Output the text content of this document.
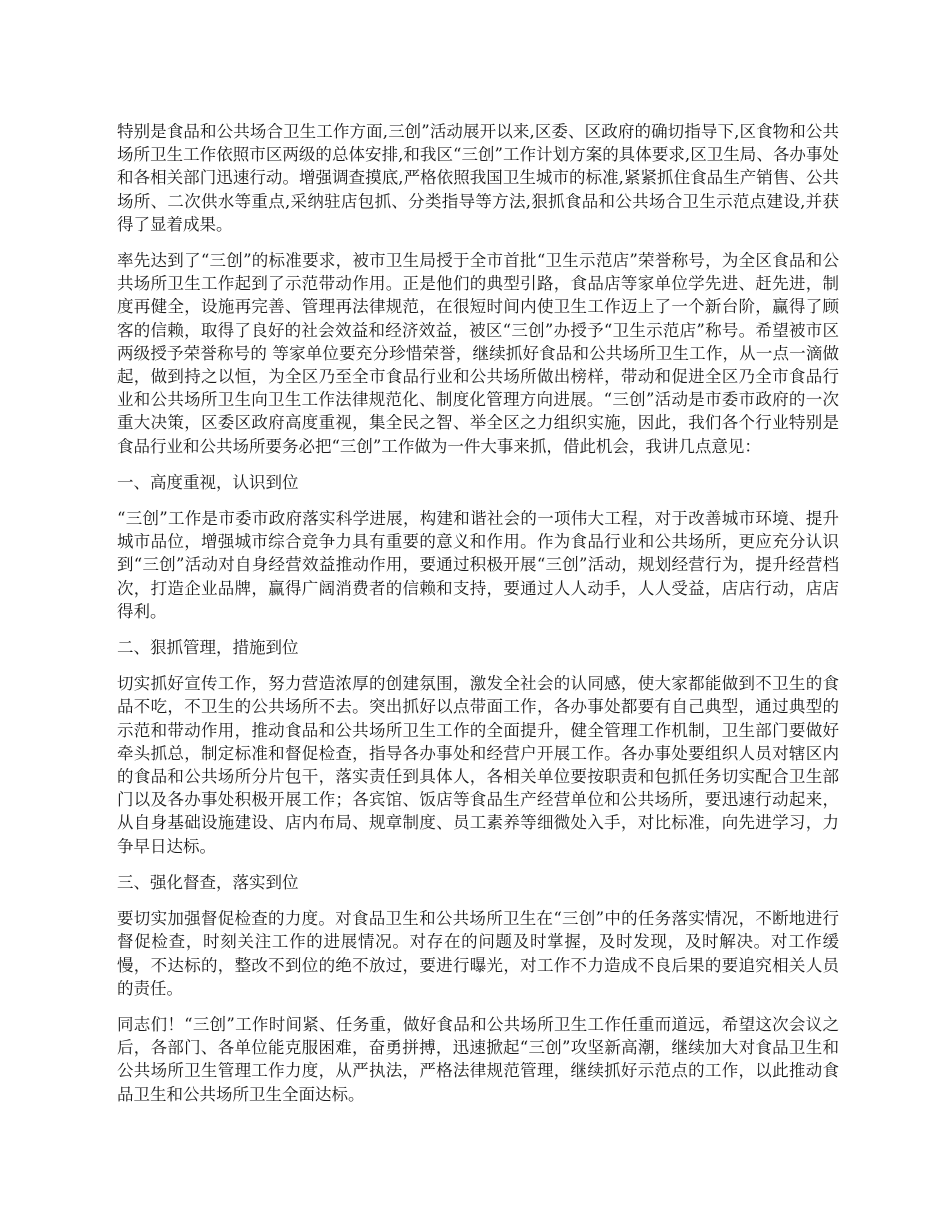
特别是食品和公共场合卫生工作方面,三创”活动展开以来,区委、区政府的确切指导下,区食物和公共场所卫生工作依照市区两级的总体安排,和我区“三创”工作计划方案的具体要求,区卫生局、各办事处和各相关部门迅速行动。增强调查摸底,严格依照我国卫生城市的标准,紧紧抓住食品生产销售、公共场所、二次供水等重点,采纳驻店包抓、分类指导等方法,狠抓食品和公共场合卫生示范点建设,并获得了显着成果。

率先达到了“三创”的标准要求，被市卫生局授于全市首批“卫生示范店”荣誉称号，为全区食品和公共场所卫生工作起到了示范带动作用。正是他们的典型引路，食品店等家单位学先进、赶先进，制度再健全，设施再完善、管理再法律规范，在很短时间内使卫生工作迈上了一个新台阶，赢得了顾客的信赖，取得了良好的社会效益和经济效益，被区“三创”办授予“卫生示范店”称号。希望被市区两级授予荣誉称号的 等家单位要充分珍惜荣誉，继续抓好食品和公共场所卫生工作，从一点一滴做起，做到持之以恒，为全区乃至全市食品行业和公共场所做出榜样，带动和促进全区乃全市食品行业和公共场所卫生向卫生工作法律规范化、制度化管理方向进展。“三创”活动是市委市政府的一次重大决策，区委区政府高度重视，集全民之智、举全区之力组织实施，因此，我们各个行业特别是食品行业和公共场所要务必把“三创”工作做为一件大事来抓，借此机会，我讲几点意见：

一、高度重视，认识到位

“三创”工作是市委市政府落实科学进展，构建和谐社会的一项伟大工程，对于改善城市环境、提升城市品位，增强城市综合竞争力具有重要的意义和作用。作为食品行业和公共场所，更应充分认识到“三创”活动对自身经营效益推动作用，要通过积极开展“三创”活动，规划经营行为，提升经营档次，打造企业品牌，赢得广阔消费者的信赖和支持，要通过人人动手，人人受益，店店行动，店店得利。

二、狠抓管理，措施到位

切实抓好宣传工作，努力营造浓厚的创建氛围，激发全社会的认同感，使大家都能做到不卫生的食品不吃，不卫生的公共场所不去。突出抓好以点带面工作，各办事处都要有自己典型，通过典型的示范和带动作用，推动食品和公共场所卫生工作的全面提升，健全管理工作机制，卫生部门要做好牵头抓总，制定标准和督促检查，指导各办事处和经营户开展工作。各办事处要组织人员对辖区内的食品和公共场所分片包干，落实责任到具体人，各相关单位要按职责和包抓任务切实配合卫生部门以及各办事处积极开展工作；各宾馆、饭店等食品生产经营单位和公共场所，要迅速行动起来，从自身基础设施建设、店内布局、规章制度、员工素养等细微处入手，对比标准，向先进学习，力争早日达标。

三、强化督查，落实到位

要切实加强督促检查的力度。对食品卫生和公共场所卫生在“三创”中的任务落实情况，不断地进行督促检查，时刻关注工作的进展情况。对存在的问题及时掌握，及时发现，及时解决。对工作缓慢，不达标的，整改不到位的绝不放过，要进行曝光，对工作不力造成不良后果的要追究相关人员的责任。

同志们！“三创”工作时间紧、任务重，做好食品和公共场所卫生工作任重而道远，希望这次会议之后，各部门、各单位能克服困难，奋勇拼搏，迅速掀起“三创”攻坚新高潮，继续加大对食品卫生和公共场所卫生管理工作力度，从严执法，严格法律规范管理，继续抓好示范点的工作，以此推动食品卫生和公共场所卫生全面达标。
